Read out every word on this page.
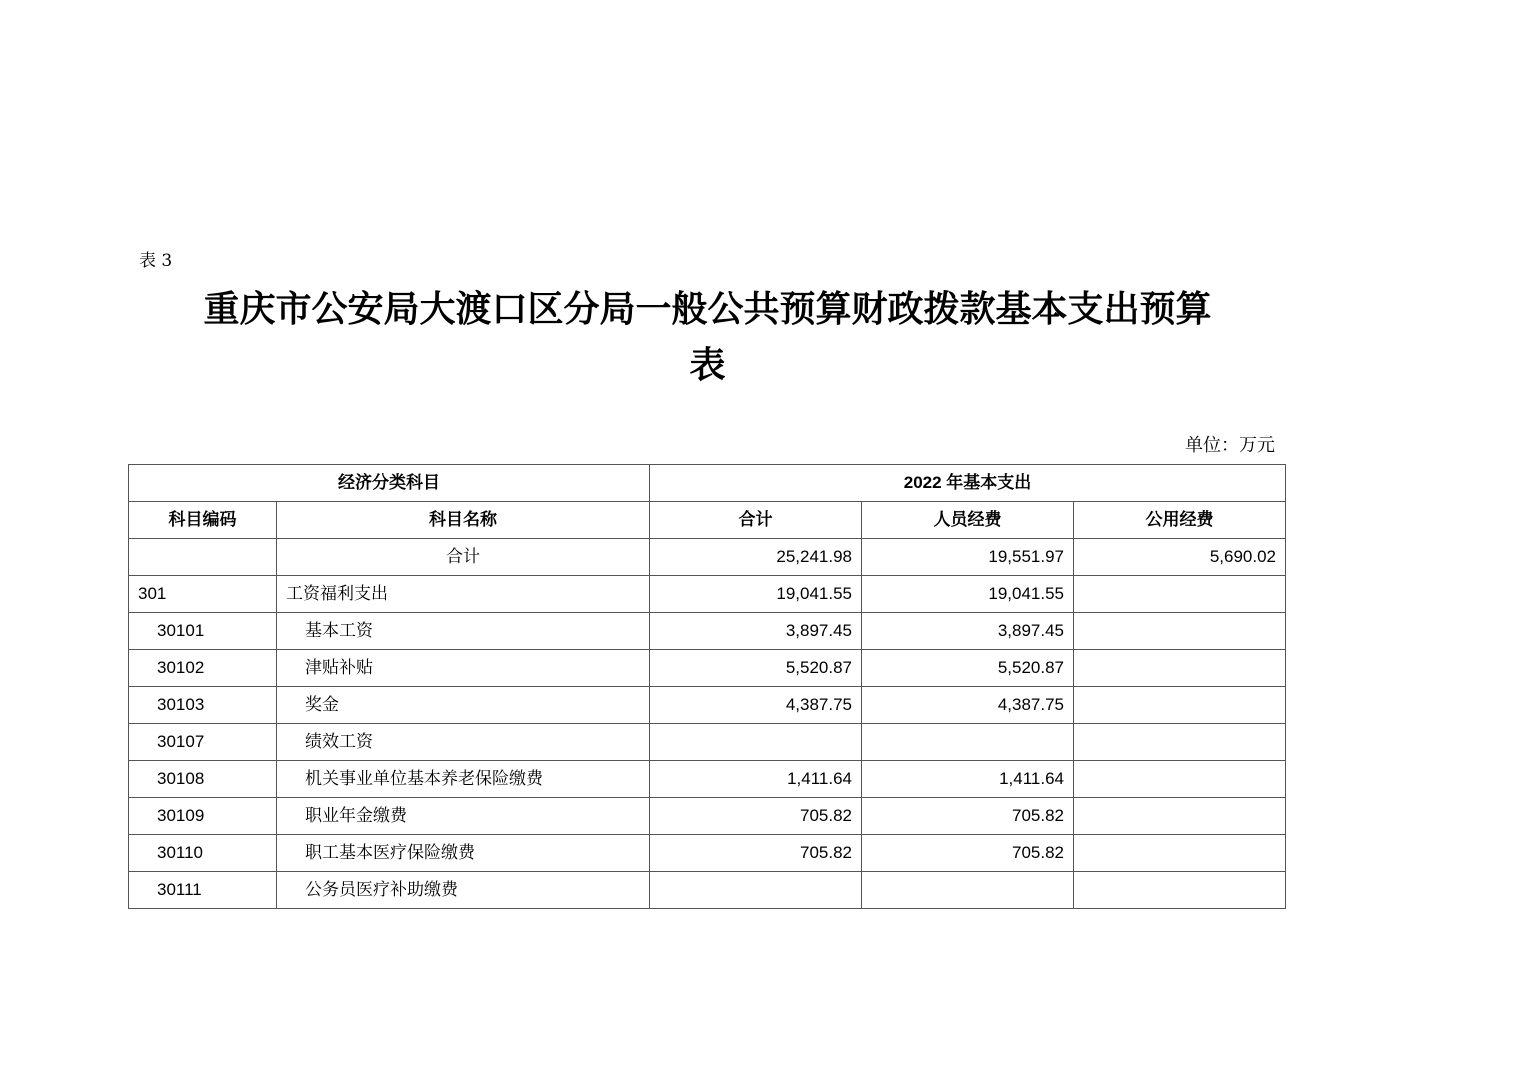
表 3
重庆市公安局大渡口区分局一般公共预算财政拨款基本支出预算
表
单位：万元
经济分类科目		2022 年基本支出		
科目编码	科目名称	合计	人员经费	公用经费
	合计	25,241.98	19,551.97	5,690.02
301	工资福利支出	19,041.55	19,041.55	
30101	基本工资	3,897.45	3,897.45	
30102	津贴补贴	5,520.87	5,520.87	
30103	奖金	4,387.75	4,387.75	
30107	绩效工资			
30108	机关事业单位基本养老保险缴费	1,411.64	1,411.64	
30109	职业年金缴费	705.82	705.82	
30110	职工基本医疗保险缴费	705.82	705.82	
30111	公务员医疗补助缴费			
